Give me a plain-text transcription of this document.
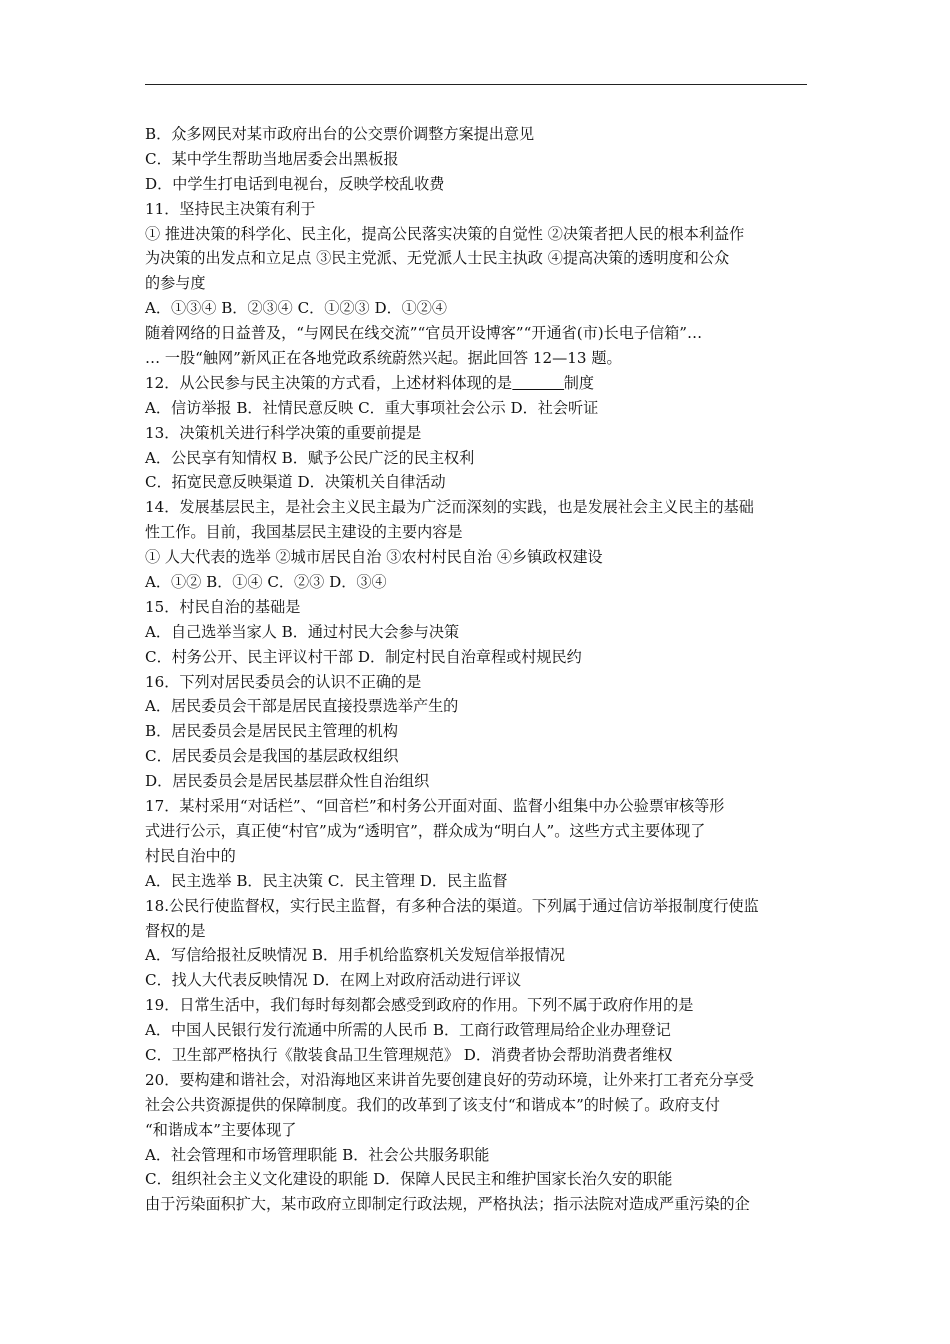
B．众多网民对某市政府出台的公交票价调整方案提出意见
C．某中学生帮助当地居委会出黑板报
D．中学生打电话到电视台，反映学校乱收费
11．坚持民主决策有利于
① 推进决策的科学化、民主化，提高公民落实决策的自觉性 ②决策者把人民的根本利益作
为决策的出发点和立足点 ③民主党派、无党派人士民主执政 ④提高决策的透明度和公众
的参与度
A．①③④ B．②③④ C．①②③ D．①②④
随着网络的日益普及，“与网民在线交流”“官员开设博客”“开通省(市)长电子信箱”…
… 一股“触网”新风正在各地党政系统蔚然兴起。据此回答 12—13 题。
12．从公民参与民主决策的方式看，上述材料体现的是	制度
A．信访举报 B．社情民意反映 C．重大事项社会公示 D．社会听证
13．决策机关进行科学决策的重要前提是
A．公民享有知情权 B．赋予公民广泛的民主权利
C．拓宽民意反映渠道 D．决策机关自律活动
14．发展基层民主，是社会主义民主最为广泛而深刻的实践，也是发展社会主义民主的基础
性工作。目前，我国基层民主建设的主要内容是
① 人大代表的选举 ②城市居民自治 ③农村村民自治 ④乡镇政权建设
A．①② B．①④ C．②③ D．③④
15．村民自治的基础是
A．自己选举当家人 B．通过村民大会参与决策
C．村务公开、民主评议村干部 D．制定村民自治章程或村规民约
16．下列对居民委员会的认识不正确的是
A．居民委员会干部是居民直接投票选举产生的
B．居民委员会是居民民主管理的机构
C．居民委员会是我国的基层政权组织
D．居民委员会是居民基层群众性自治组织
17．某村采用“对话栏”、“回音栏”和村务公开面对面、监督小组集中办公验票审核等形
式进行公示，真正使“村官”成为“透明官”，群众成为“明白人”。这些方式主要体现了
村民自治中的
A．民主选举 B．民主决策 C．民主管理 D．民主监督
18.公民行使监督权，实行民主监督，有多种合法的渠道。下列属于通过信访举报制度行使监
督权的是
A．写信给报社反映情况 B．用手机给监察机关发短信举报情况
C．找人大代表反映情况 D．在网上对政府活动进行评议
19．日常生活中，我们每时每刻都会感受到政府的作用。下列不属于政府作用的是
A．中国人民银行发行流通中所需的人民币 B．工商行政管理局给企业办理登记
C．卫生部严格执行《散装食品卫生管理规范》 D．消费者协会帮助消费者维权
20．要构建和谐社会，对沿海地区来讲首先要创建良好的劳动环境，让外来打工者充分享受
社会公共资源提供的保障制度。我们的改革到了该支付“和谐成本”的时候了。政府支付
“和谐成本”主要体现了
A．社会管理和市场管理职能 B．社会公共服务职能
C．组织社会主义文化建设的职能 D．保障人民民主和维护国家长治久安的职能
由于污染面积扩大，某市政府立即制定行政法规，严格执法；指示法院对造成严重污染的企
